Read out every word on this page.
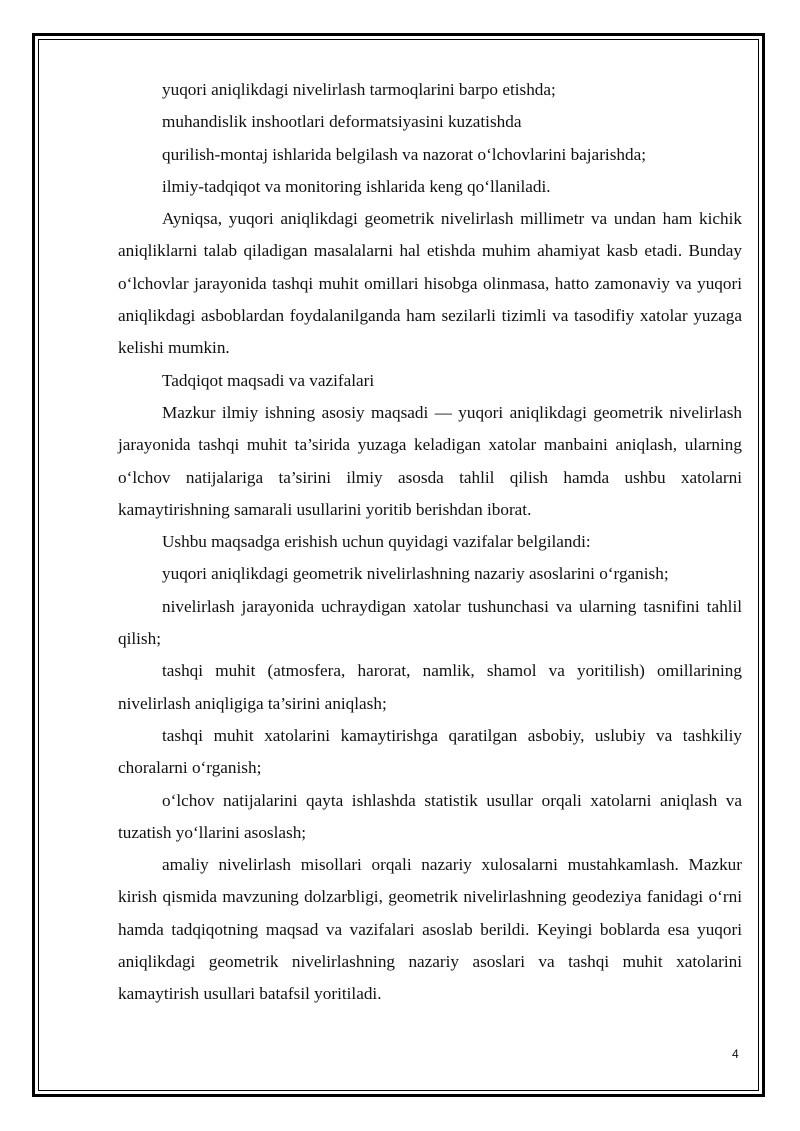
yuqori aniqlikdagi nivelirlash tarmoqlarini barpo etishda;

muhandislik inshootlari deformatsiyasini kuzatishda

qurilish-montaj ishlarida belgilash va nazorat o‘lchovlarini bajarishda;

ilmiy-tadqiqot va monitoring ishlarida keng qo‘llaniladi.

Ayniqsa, yuqori aniqlikdagi geometrik nivelirlash millimetr va undan ham kichik aniqliklarni talab qiladigan masalalarni hal etishda muhim ahamiyat kasb etadi. Bunday o‘lchovlar jarayonida tashqi muhit omillari hisobga olinmasa, hatto zamonaviy va yuqori aniqlikdagi asboblardan foydalanilganda ham sezilarli tizimli va tasodifiy xatolar yuzaga kelishi mumkin.

Tadqiqot maqsadi va vazifalari

Mazkur ilmiy ishning asosiy maqsadi — yuqori aniqlikdagi geometrik nivelirlash jarayonida tashqi muhit ta’sirida yuzaga keladigan xatolar manbaini aniqlash, ularning o‘lchov natijalariga ta’sirini ilmiy asosda tahlil qilish hamda ushbu xatolarni kamaytirishning samarali usullarini yoritib berishdan iborat.

Ushbu maqsadga erishish uchun quyidagi vazifalar belgilandi:

yuqori aniqlikdagi geometrik nivelirlashning nazariy asoslarini o‘rganish;

nivelirlash jarayonida uchraydigan xatolar tushunchasi va ularning tasnifini tahlil qilish;

tashqi muhit (atmosfera, harorat, namlik, shamol va yoritilish) omillarining nivelirlash aniqligiga ta’sirini aniqlash;

tashqi muhit xatolarini kamaytirishga qaratilgan asbobiy, uslubiy va tashkiliy choralarni o‘rganish;

o‘lchov natijalarini qayta ishlashda statistik usullar orqali xatolarni aniqlash va tuzatish yo‘llarini asoslash;

amaliy nivelirlash misollari orqali nazariy xulosalarni mustahkamlash. Mazkur kirish qismida mavzuning dolzarbligi, geometrik nivelirlashning geodeziya fanidagi o‘rni hamda tadqiqotning maqsad va vazifalari asoslab berildi. Keyingi boblarda esa yuqori aniqlikdagi geometrik nivelirlashning nazariy asoslari va tashqi muhit xatolarini kamaytirish usullari batafsil yoritiladi.

4
